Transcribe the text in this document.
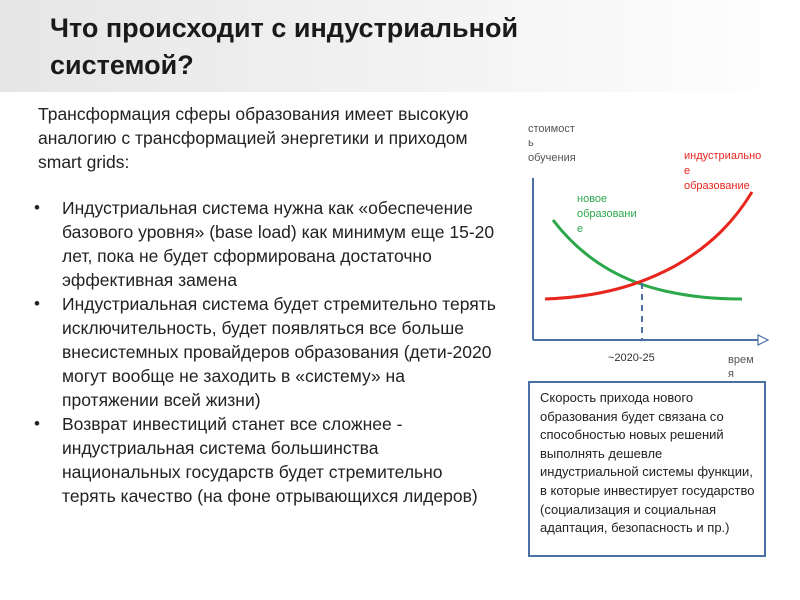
Что происходит с индустриальной системой?
Трансформация сферы образования имеет высокую аналогию с трансформацией энергетики и приходом smart grids:
• Индустриальная система нужна как «обеспечение базового уровня» (base load) как минимум еще 15-20 лет, пока не будет сформирована достаточно эффективная замена
• Индустриальная система будет стремительно терять исключительность, будет появляться все больше внесистемных провайдеров образования (дети-2020 могут вообще не заходить в «систему» на протяжении всей жизни)
• Возврат инвестиций станет все сложнее - индустриальная система большинства национальных государств будет стремительно терять качество (на фоне отрывающихся лидеров)
стоимост ь обучения	индустриально е образование
новое образовани е
~2020-25	врем я
Скорость прихода нового образования будет связана со способностью новых решений выполнять дешевле индустриальной системы функции, в которые инвестирует государство (социализация и социальная адаптация, безопасность и пр.)
